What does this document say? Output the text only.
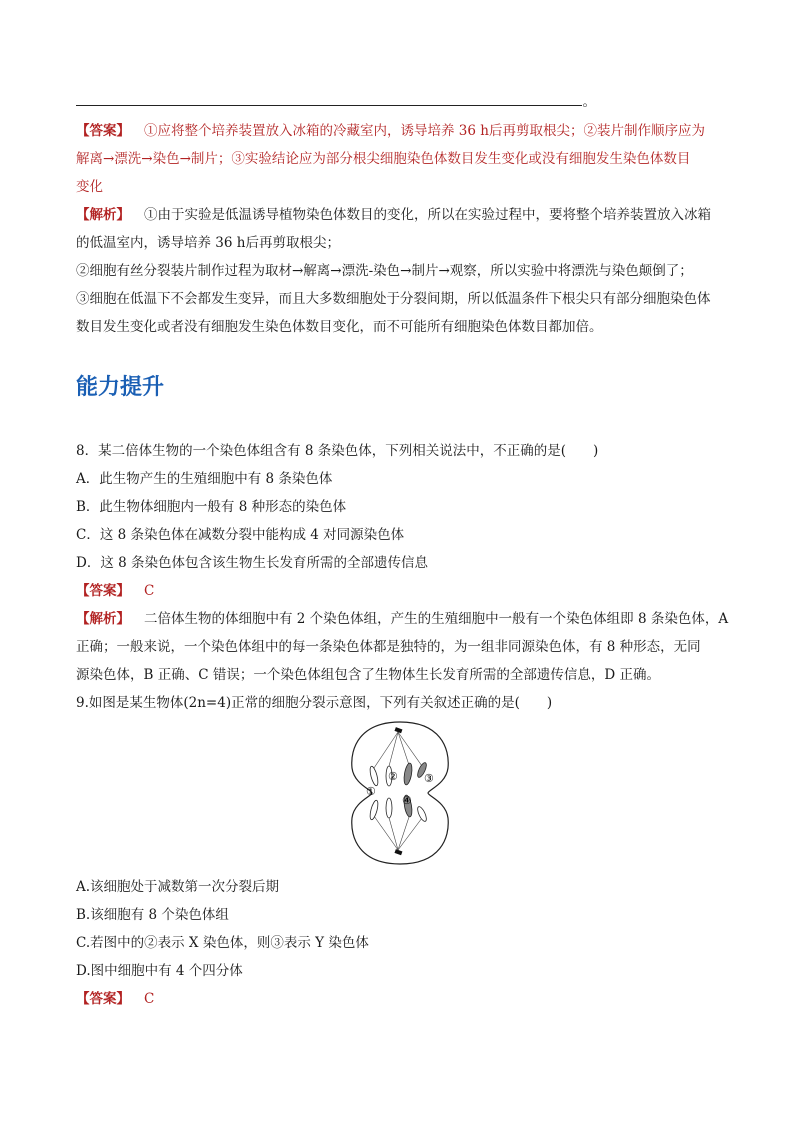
。
【答案】 ①应将整个培养装置放入冰箱的冷藏室内，诱导培养 36 h后再剪取根尖；②装片制作顺序应为
解离→漂洗→染色→制片；③实验结论应为部分根尖细胞染色体数目发生变化或没有细胞发生染色体数目
变化
【解析】 ①由于实验是低温诱导植物染色体数目的变化，所以在实验过程中，要将整个培养装置放入冰箱
的低温室内，诱导培养 36 h后再剪取根尖；
②细胞有丝分裂装片制作过程为取材→解离→漂洗-染色→制片→观察，所以实验中将漂洗与染色颠倒了；
③细胞在低温下不会都发生变异，而且大多数细胞处于分裂间期，所以低温条件下根尖只有部分细胞染色体
数目发生变化或者没有细胞发生染色体数目变化，而不可能所有细胞染色体数目都加倍。
能力提升
8．某二倍体生物的一个染色体组含有 8 条染色体，下列相关说法中，不正确的是(　　)
A．此生物产生的生殖细胞中有 8 条染色体
B．此生物体细胞内一般有 8 种形态的染色体
C．这 8 条染色体在减数分裂中能构成 4 对同源染色体
D．这 8 条染色体包含该生物生长发育所需的全部遗传信息
【答案】 C
【解析】 二倍体生物的体细胞中有 2 个染色体组，产生的生殖细胞中一般有一个染色体组即 8 条染色体，A
正确；一般来说，一个染色体组中的每一条染色体都是独特的，为一组非同源染色体，有 8 种形态，无同
源染色体，B 正确、C 错误；一个染色体组包含了生物体生长发育所需的全部遗传信息，D 正确。
9.如图是某生物体(2n=4)正常的细胞分裂示意图，下列有关叙述正确的是(　　)
①
② ③
④
A.该细胞处于减数第一次分裂后期
B.该细胞有 8 个染色体组
C.若图中的②表示 X 染色体，则③表示 Y 染色体
D.图中细胞中有 4 个四分体
【答案】 C
